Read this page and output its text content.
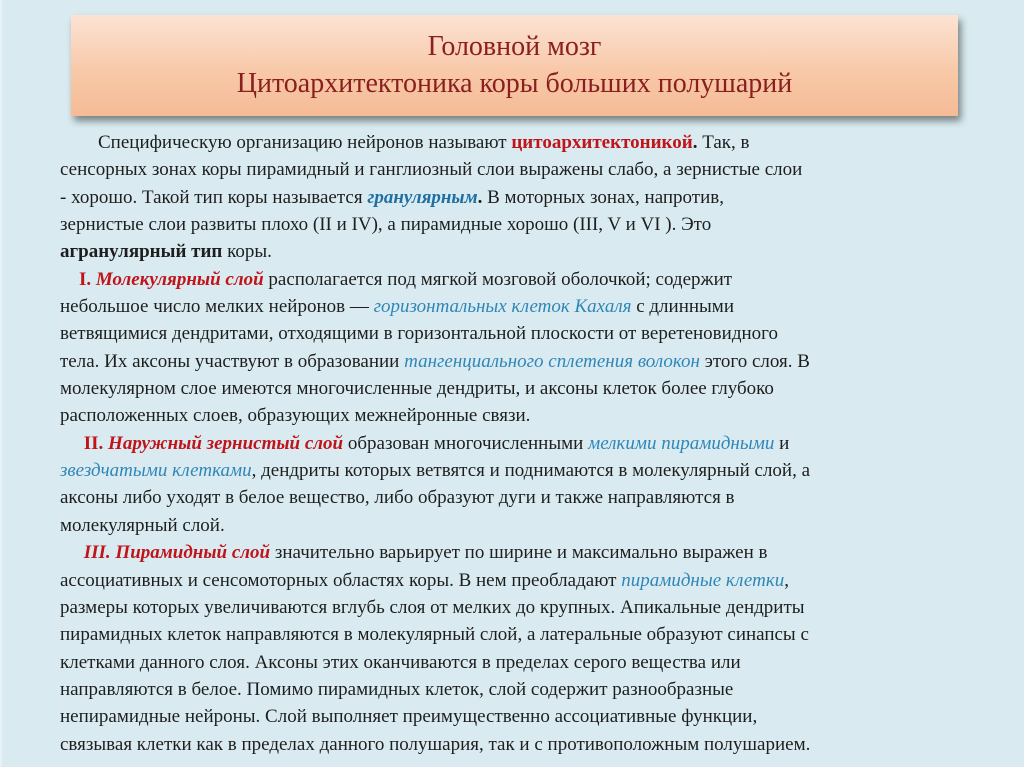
Головной мозг
Цитоархитектоника коры больших полушарий
Специфическую организацию нейронов называют цитоархитектоникой. Так, в
сенсорных зонах коры пирамидный и ганглиозный слои выражены слабо, а зернистые слои
- хорошо. Такой тип коры называется гранулярным. В моторных зонах, напротив,
зернистые слои развиты плохо (II и IV), а пирамидные хорошо (III, V и VI ). Это
агранулярный тип коры.
I. Молекулярный слой располагается под мягкой мозговой оболочкой; содержит
небольшое число мелких нейронов — горизонтальных клеток Кахаля с длинными
ветвящимися дендритами, отходящими в горизонтальной плоскости от веретеновидного
тела. Их аксоны участвуют в образовании тангенциального сплетения волокон этого слоя. В
молекулярном слое имеются многочисленные дендриты, и аксоны клеток более глубоко
расположенных слоев, образующих межнейронные связи.
II. Наружный зернистый слой образован многочисленными мелкими пирамидными и
звездчатыми клетками, дендриты которых ветвятся и поднимаются в молекулярный слой, а
аксоны либо уходят в белое вещество, либо образуют дуги и также направляются в
молекулярный слой.
III. Пирамидный слой значительно варьирует по ширине и максимально выражен в
ассоциативных и сенсомоторных областях коры. В нем преобладают пирамидные клетки,
размеры которых увеличиваются вглубь слоя от мелких до крупных. Апикальные дендриты
пирамидных клеток направляются в молекулярный слой, а латеральные образуют синапсы с
клетками данного слоя. Аксоны этих оканчиваются в пределах серого вещества или
направляются в белое. Помимо пирамидных клеток, слой содержит разнообразные
непирамидные нейроны. Слой выполняет преимущественно ассоциативные функции,
связывая клетки как в пределах данного полушария, так и с противоположным полушарием.
